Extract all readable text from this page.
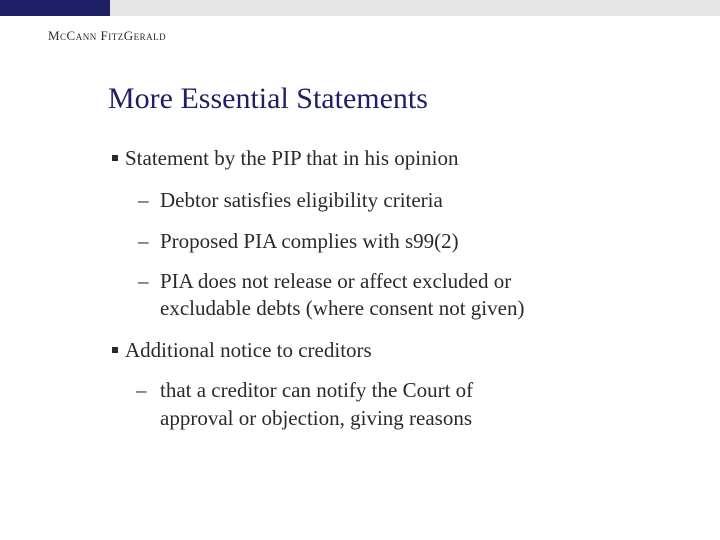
McCann FitzGerald
More Essential Statements
Statement by the PIP that in his opinion
– Debtor satisfies eligibility criteria
– Proposed PIA complies with s99(2)
– PIA does not release or affect excluded or
excludable debts (where consent not given)
Additional notice to creditors
– that a creditor can notify the Court of
approval or objection, giving reasons
